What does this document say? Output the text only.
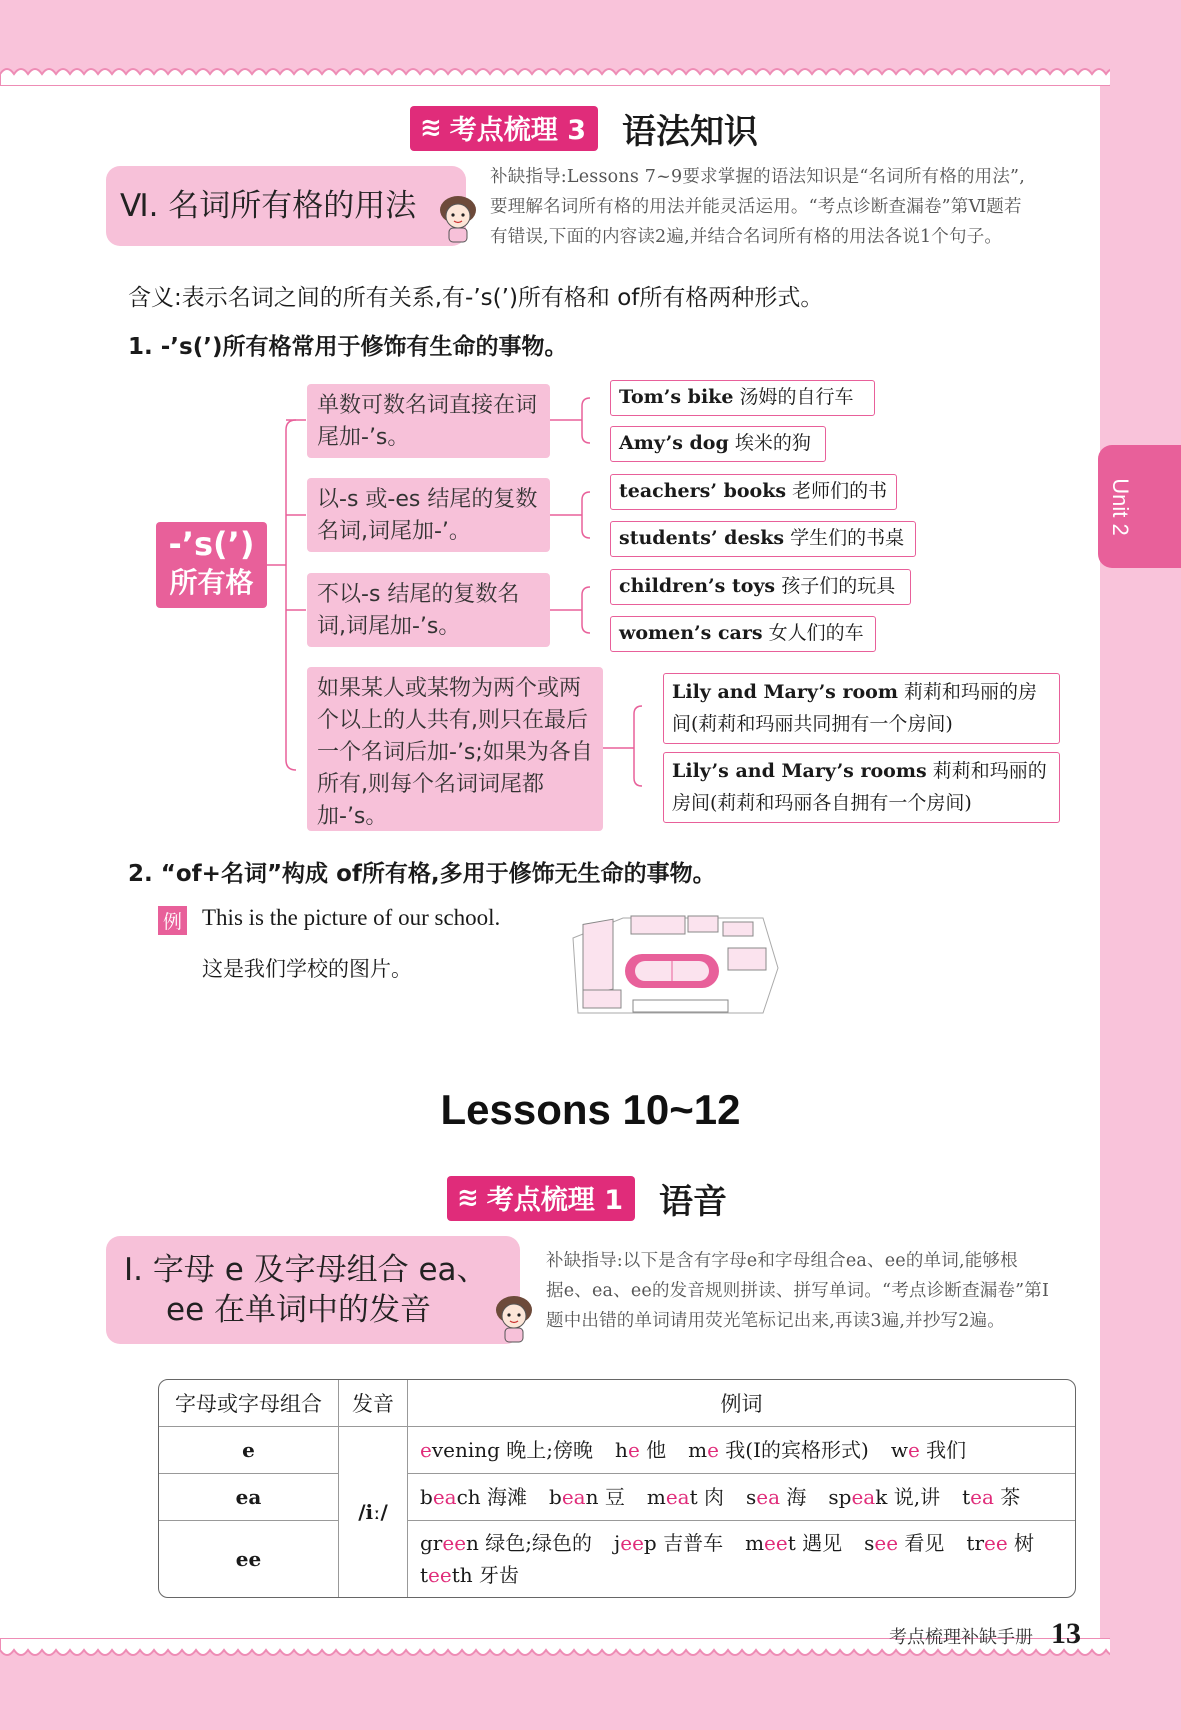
Unit 2
≋ 考点梳理 3 语法知识
Ⅵ. 名词所有格的用法
补缺指导:Lessons 7~9要求掌握的语法知识是“名词所有格的用法”,
要理解名词所有格的用法并能灵活运用。“考点诊断查漏卷”第Ⅵ题若
有错误,下面的内容读2遍,并结合名词所有格的用法各说1个句子。
含义:表示名词之间的所有关系,有-’s(’)所有格和 of所有格两种形式。
1. -’s(’)所有格常用于修饰有生命的事物。
-’s(’)
所有格
单数可数名词直接在词尾加-’s。
以-s 或-es 结尾的复数名词,词尾加-’。
不以-s 结尾的复数名词,词尾加-’s。
如果某人或某物为两个或两个以上的人共有,则只在最后一个名词后加-’s;如果为各自所有,则每个名词词尾都加-’s。
Tom’s bike 汤姆的自行车
Amy’s dog 埃米的狗
teachers’ books 老师们的书
students’ desks 学生们的书桌
children’s toys 孩子们的玩具
women’s cars 女人们的车
Lily and Mary’s room 莉莉和玛丽的房间(莉莉和玛丽共同拥有一个房间)
Lily’s and Mary’s rooms 莉莉和玛丽的房间(莉莉和玛丽各自拥有一个房间)
2. “of+名词”构成 of所有格,多用于修饰无生命的事物。
例 This is the picture of our school.
这是我们学校的图片。
Lessons 10~12
≋ 考点梳理 1 语音
Ⅰ. 字母 e 及字母组合 ea、
ee 在单词中的发音
补缺指导:以下是含有字母e和字母组合ea、ee的单词,能够根
据e、ea、ee的发音规则拼读、拼写单词。“考点诊断查漏卷”第Ⅰ
题中出错的单词请用荧光笔标记出来,再读3遍,并抄写2遍。
字母或字母组合	发音	例词
e	/iː/	evening 晚上;傍晚 he 他 me 我(I的宾格形式) we 我们
ea		beach 海滩 bean 豆 meat 肉 sea 海 speak 说,讲 tea 茶
ee		green 绿色;绿色的 jeep 吉普车 meet 遇见 see 看见 tree 树teeth 牙齿
考点梳理补缺手册 13
